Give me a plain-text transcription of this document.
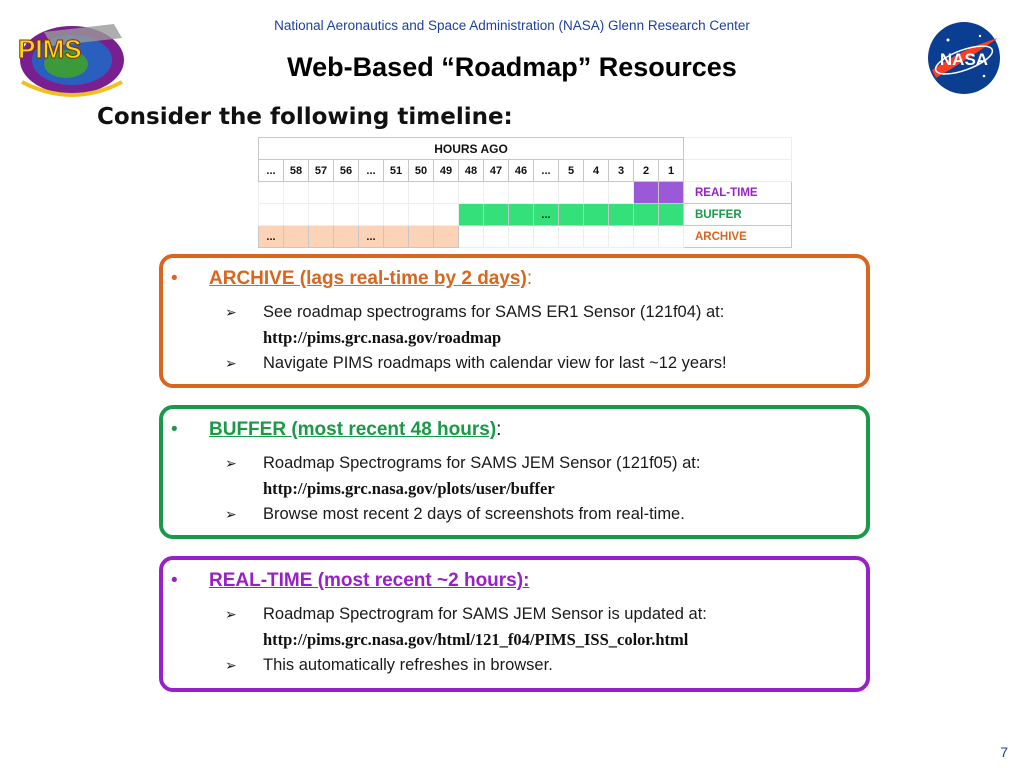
PIMS	NASA
National Aeronautics and Space Administration (NASA) Glenn Research Center
Web-Based “Roadmap” Resources
Consider the following timeline:
HOURS AGO																	
...	58	57	56	...	51	50	49	48	47	46	...	5	4	3	2	1	
																	REAL-TIME
											...						BUFFER
...				...													ARCHIVE
• ARCHIVE (lags real-time by 2 days):
➢ See roadmap spectrograms for SAMS ER1 Sensor (121f04) at:
http://pims.grc.nasa.gov/roadmap
➢ Navigate PIMS roadmaps with calendar view for last ~12 years!
• BUFFER (most recent 48 hours):
➢ Roadmap Spectrograms for SAMS JEM Sensor (121f05) at:
http://pims.grc.nasa.gov/plots/user/buffer
➢ Browse most recent 2 days of screenshots from real-time.
• REAL-TIME (most recent ~2 hours):
➢ Roadmap Spectrogram for SAMS JEM Sensor is updated at:
http://pims.grc.nasa.gov/html/121_f04/PIMS_ISS_color.html
➢ This automatically refreshes in browser.
7
